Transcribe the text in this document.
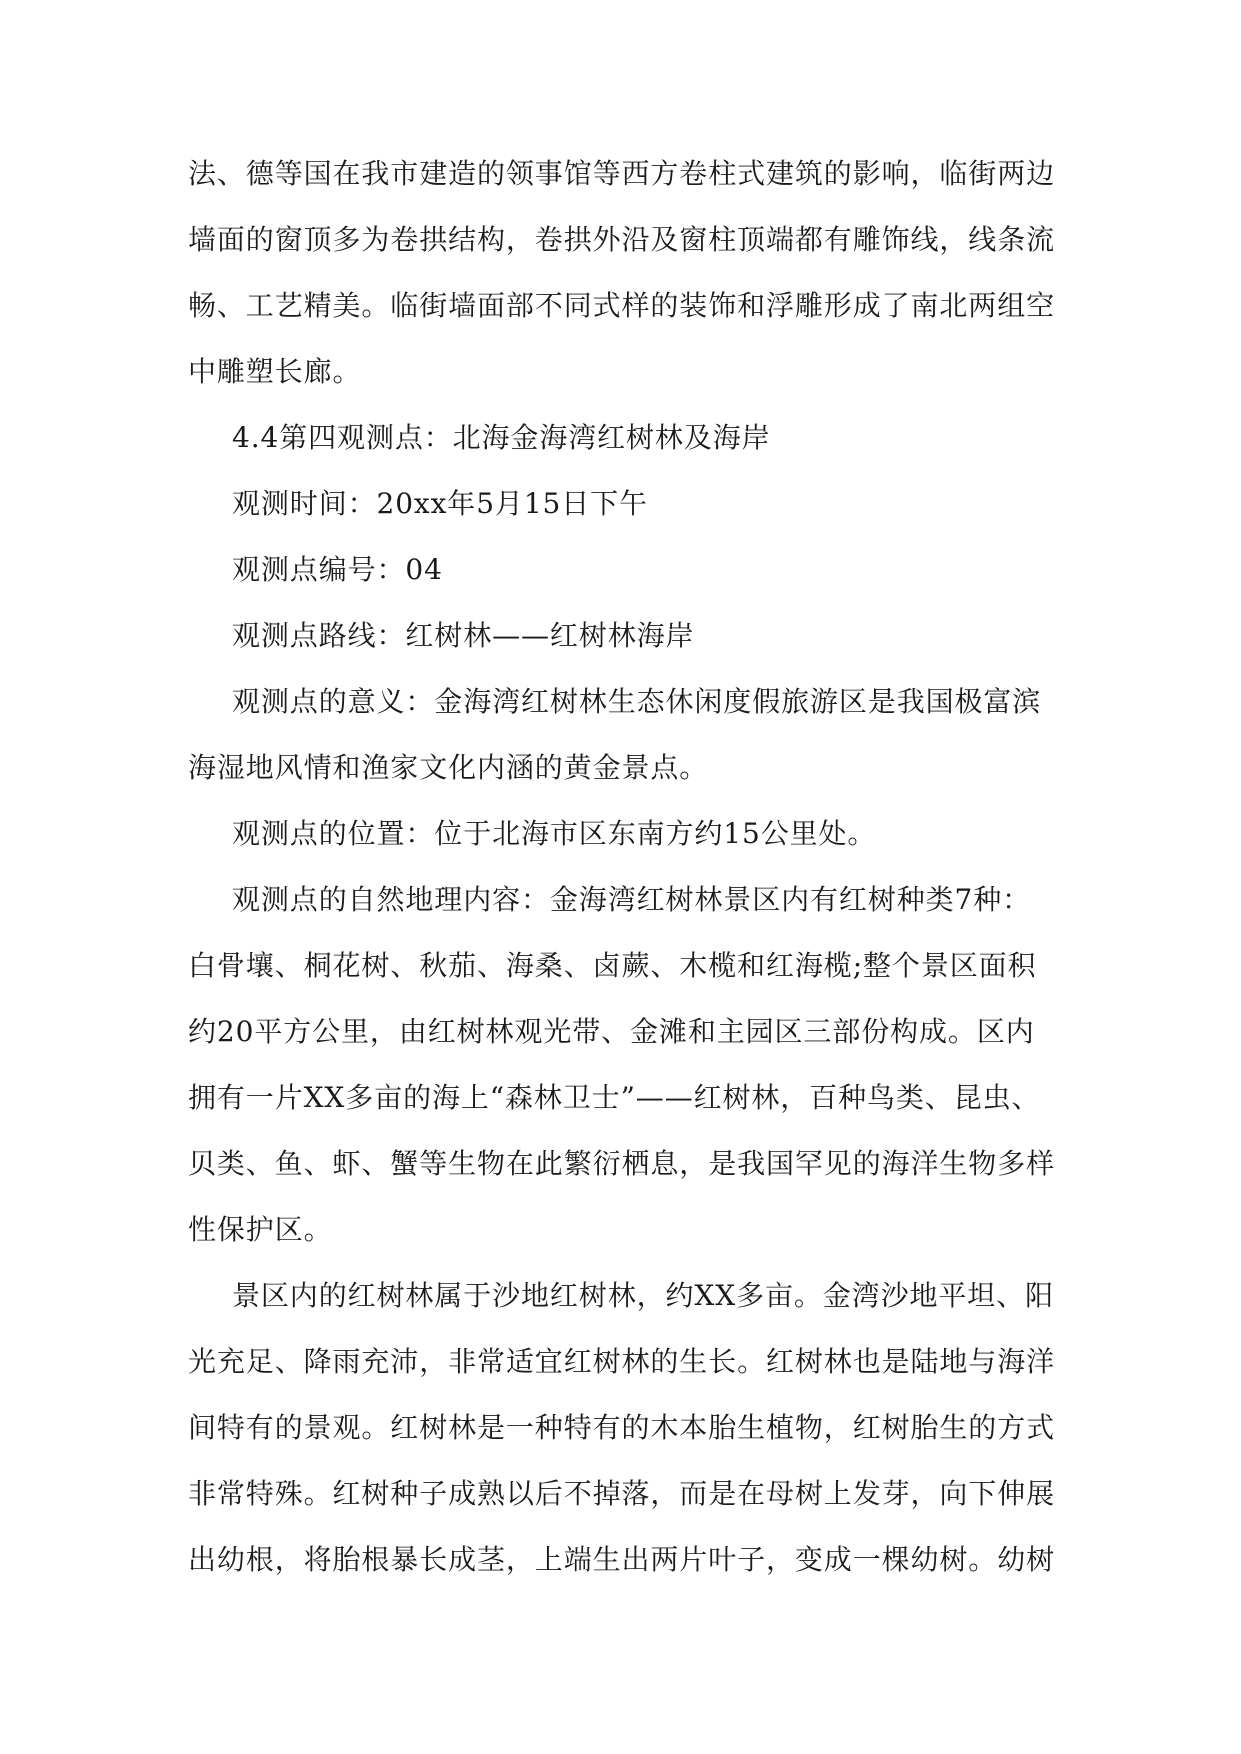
法、德等国在我市建造的领事馆等西方卷柱式建筑的影响，临街两边
墙面的窗顶多为卷拱结构，卷拱外沿及窗柱顶端都有雕饰线，线条流
畅、工艺精美。临街墙面部不同式样的装饰和浮雕形成了南北两组空
中雕塑长廊。
4.4第四观测点：北海金海湾红树林及海岸
观测时间：20xx年5月15日下午
观测点编号：04
观测点路线：红树林——红树林海岸
观测点的意义：金海湾红树林生态休闲度假旅游区是我国极富滨
海湿地风情和渔家文化内涵的黄金景点。
观测点的位置：位于北海市区东南方约15公里处。
观测点的自然地理内容：金海湾红树林景区内有红树种类7种：
白骨壤、桐花树、秋茄、海桑、卤蕨、木榄和红海榄;整个景区面积
约20平方公里，由红树林观光带、金滩和主园区三部份构成。区内
拥有一片XX多亩的海上“森林卫士”——红树林，百种鸟类、昆虫、
贝类、鱼、虾、蟹等生物在此繁衍栖息，是我国罕见的海洋生物多样
性保护区。
景区内的红树林属于沙地红树林，约XX多亩。金湾沙地平坦、阳
光充足、降雨充沛，非常适宜红树林的生长。红树林也是陆地与海洋
间特有的景观。红树林是一种特有的木本胎生植物，红树胎生的方式
非常特殊。红树种子成熟以后不掉落，而是在母树上发芽，向下伸展
出幼根，将胎根暴长成茎，上端生出两片叶子，变成一棵幼树。幼树
